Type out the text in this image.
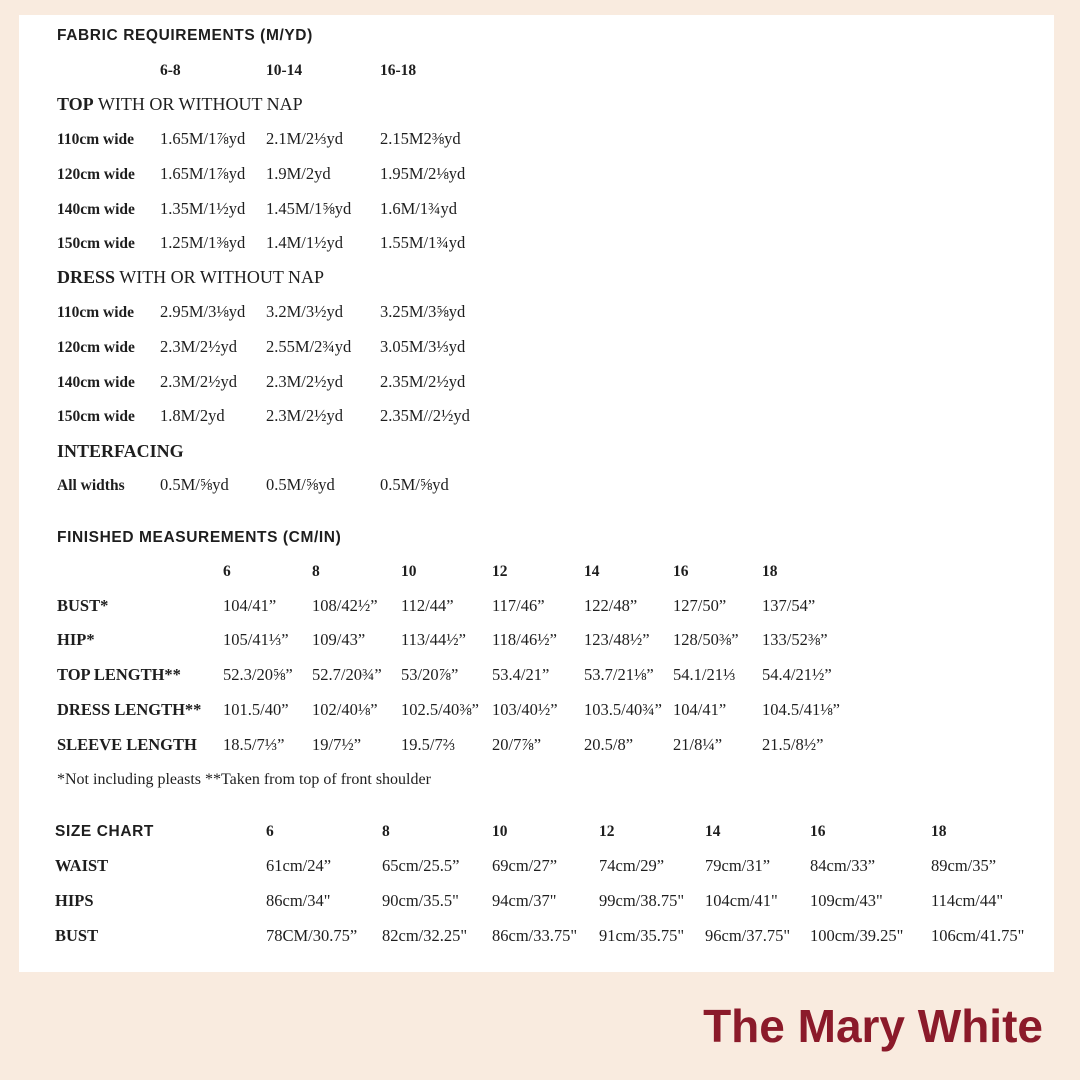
FABRIC REQUIREMENTS (M/YD)
6-8	10-14	16-18
TOP WITH OR WITHOUT NAP
110cm wide 1.65M/1⅞yd 2.1M/2⅓yd 2.15M2⅜yd
120cm wide 1.65M/1⅞yd 1.9M/2yd	1.95M/2⅛yd
140cm wide 1.35M/1½yd 1.45M/1⅝yd 1.6M/1¾yd
150cm wide 1.25M/1⅜yd 1.4M/1½yd 1.55M/1¾yd
DRESS WITH OR WITHOUT NAP
110cm wide 2.95M/3⅛yd 3.2M/3½yd 3.25M/3⅝yd
120cm wide 2.3M/2½yd 2.55M/2¾yd 3.05M/3⅓yd
140cm wide 2.3M/2½yd 2.3M/2½yd 2.35M/2½yd
150cm wide 1.8M/2yd	2.3M/2½yd 2.35M//2½yd
INTERFACING
All widths 0.5M/⅝yd 0.5M/⅝yd	0.5M/⅝yd
FINISHED MEASUREMENTS (CM/IN)
6	8	10	12	14	16	18
BUST*	104/41” 108/42½” 112/44” 117/46” 122/48” 127/50” 137/54”
HIP*	105/41⅓” 109/43” 113/44½” 118/46½” 123/48½” 128/50⅜” 133/52⅜”
TOP LENGTH**	52.3/20⅝” 52.7/20¾” 53/20⅞” 53.4/21” 53.7/21⅛” 54.1/21⅓ 54.4/21½”
DRESS LENGTH** 101.5/40” 102/40⅛” 102.5/40⅜” 103/40½” 103.5/40¾” 104/41” 104.5/41⅛”
SLEEVE LENGTH 18.5/7⅓” 19/7½” 19.5/7⅔ 20/7⅞”	20.5/8” 21/8¼” 21.5/8½”
*Not including pleasts **Taken from top of front shoulder
SIZE CHART	6	8	10	12	14	16	18
WAIST	61cm/24”	65cm/25.5” 69cm/27”	74cm/29” 79cm/31” 84cm/33”	89cm/35”
HIPS	86cm/34"	90cm/35.5" 94cm/37"	99cm/38.75" 104cm/41" 109cm/43"	114cm/44"
BUST	78CM/30.75” 82cm/32.25" 86cm/33.75" 91cm/35.75" 96cm/37.75" 100cm/39.25" 106cm/41.75"
The Mary White
